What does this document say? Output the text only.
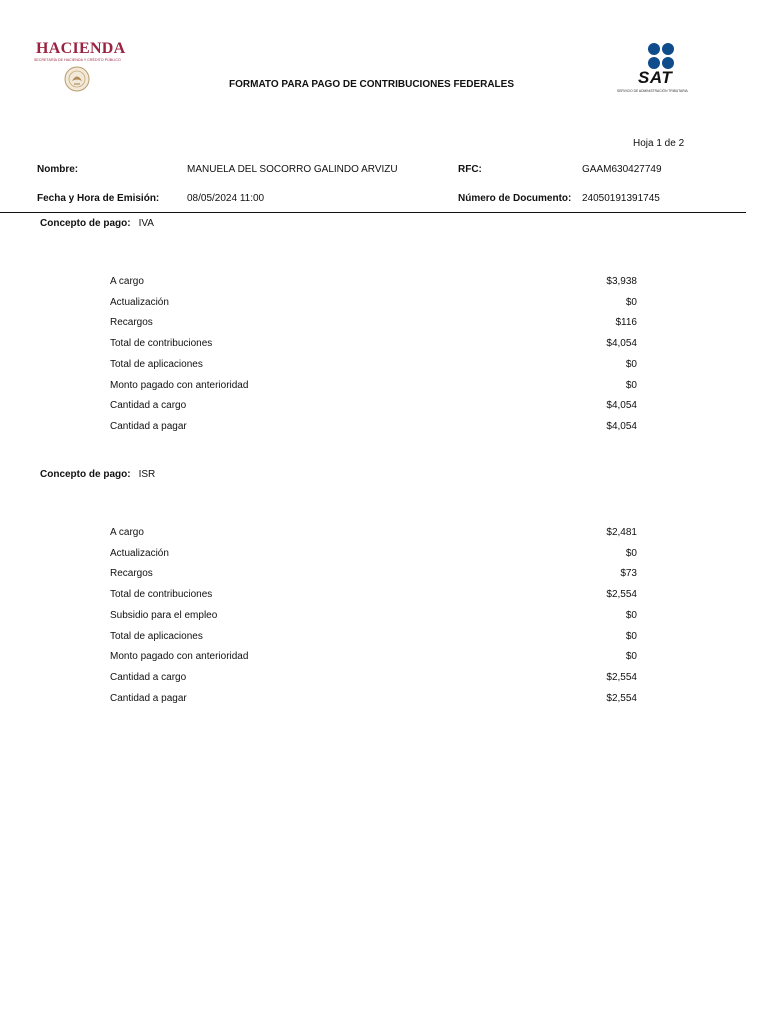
HACIENDA
SECRETARÍA DE HACIENDA Y CRÉDITO PÚBLICO
FORMATO PARA PAGO DE CONTRIBUCIONES FEDERALES	SAT
SERVICIO DE ADMINISTRACIÓN TRIBUTARIA
Hoja 1 de 2
Nombre:	MANUELA DEL SOCORRO GALINDO ARVIZU	RFC:	GAAM630427749
Fecha y Hora de Emisión:	08/05/2024 11:00	Número de Documento: 24050191391745
Concepto de pago: IVA
A cargo	$3,938
Actualización	$0
Recargos	$116
Total de contribuciones	$4,054
Total de aplicaciones	$0
Monto pagado con anterioridad	$0
Cantidad a cargo	$4,054
Cantidad a pagar	$4,054
Concepto de pago: ISR
A cargo	$2,481
Actualización	$0
Recargos	$73
Total de contribuciones	$2,554
Subsidio para el empleo	$0
Total de aplicaciones	$0
Monto pagado con anterioridad	$0
Cantidad a cargo	$2,554
Cantidad a pagar	$2,554
